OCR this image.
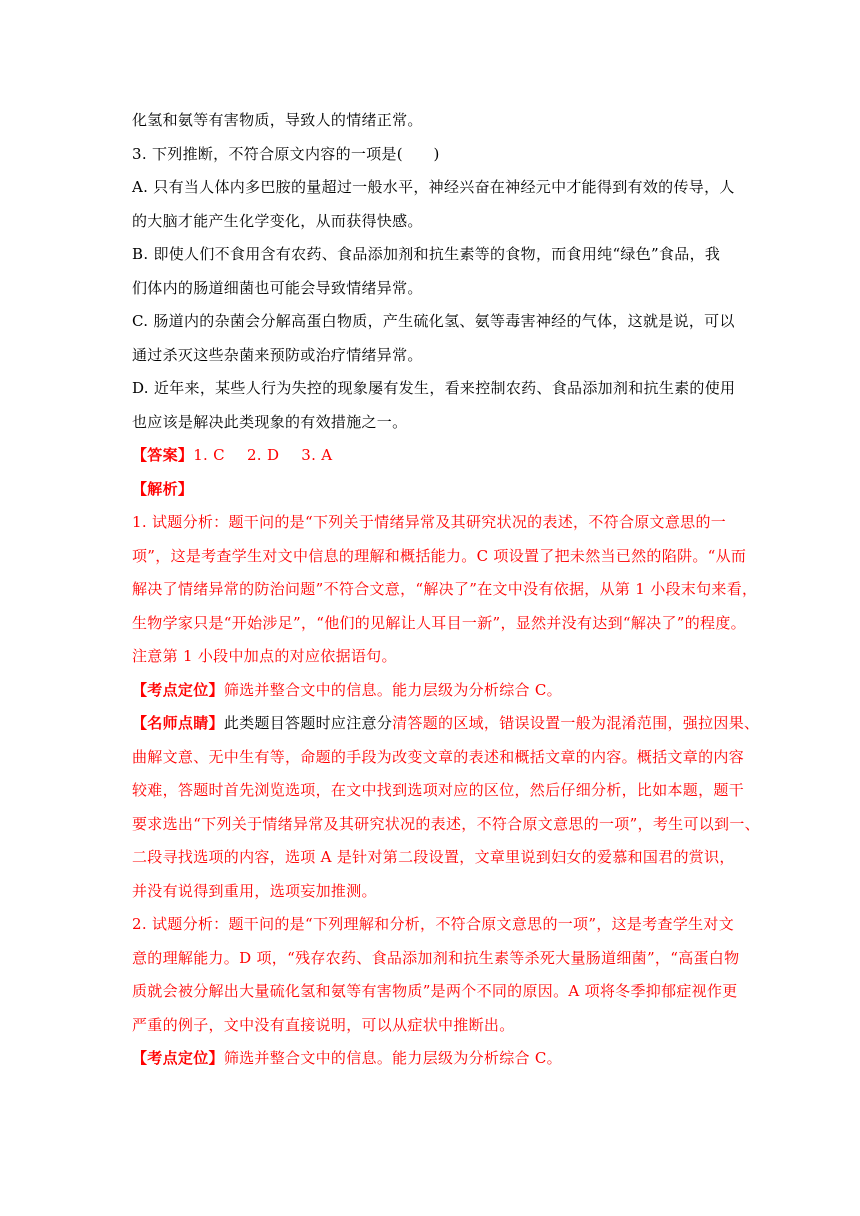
化氢和氨等有害物质，导致人的情绪正常。

3. 下列推断，不符合原文内容的一项是(　　)

A. 只有当人体内多巴胺的量超过一般水平，神经兴奋在神经元中才能得到有效的传导，人

的大脑才能产生化学变化，从而获得快感。

B. 即使人们不食用含有农药、食品添加剂和抗生素等的食物，而食用纯“绿色”食品，我

们体内的肠道细菌也可能会导致情绪异常。

C. 肠道内的杂菌会分解高蛋白物质，产生硫化氢、氨等毒害神经的气体，这就是说，可以

通过杀灭这些杂菌来预防或治疗情绪异常。

D. 近年来，某些人行为失控的现象屡有发生，看来控制农药、食品添加剂和抗生素的使用

也应该是解决此类现象的有效措施之一。

【答案】1. C 2. D 3. A

【解析】

1. 试题分析：题干问的是“下列关于情绪异常及其研究状况的表述，不符合原文意思的一

项”，这是考查学生对文中信息的理解和概括能力。C 项设置了把未然当已然的陷阱。“从而

解决了情绪异常的防治问题”不符合文意，“解决了”在文中没有依据，从第 1 小段末句来看，

生物学家只是“开始涉足”，“他们的见解让人耳目一新”，显然并没有达到“解决了”的程度。

注意第 1 小段中加点的对应依据语句。

【考点定位】筛选并整合文中的信息。能力层级为分析综合 C。

【名师点睛】此类题目答题时应注意分清答题的区域，错误设置一般为混淆范围，强拉因果、

曲解文意、无中生有等，命题的手段为改变文章的表述和概括文章的内容。概括文章的内容

较难，答题时首先浏览选项，在文中找到选项对应的区位，然后仔细分析，比如本题，题干

要求选出“下列关于情绪异常及其研究状况的表述，不符合原文意思的一项”，考生可以到一、

二段寻找选项的内容，选项 A 是针对第二段设置，文章里说到妇女的爱慕和国君的赏识，

并没有说得到重用，选项妄加推测。

2. 试题分析：题干问的是“下列理解和分析，不符合原文意思的一项”，这是考查学生对文

意的理解能力。D 项，“残存农药、食品添加剂和抗生素等杀死大量肠道细菌”，“高蛋白物

质就会被分解出大量硫化氢和氨等有害物质”是两个不同的原因。A 项将冬季抑郁症视作更

严重的例子，文中没有直接说明，可以从症状中推断出。

【考点定位】筛选并整合文中的信息。能力层级为分析综合 C。
